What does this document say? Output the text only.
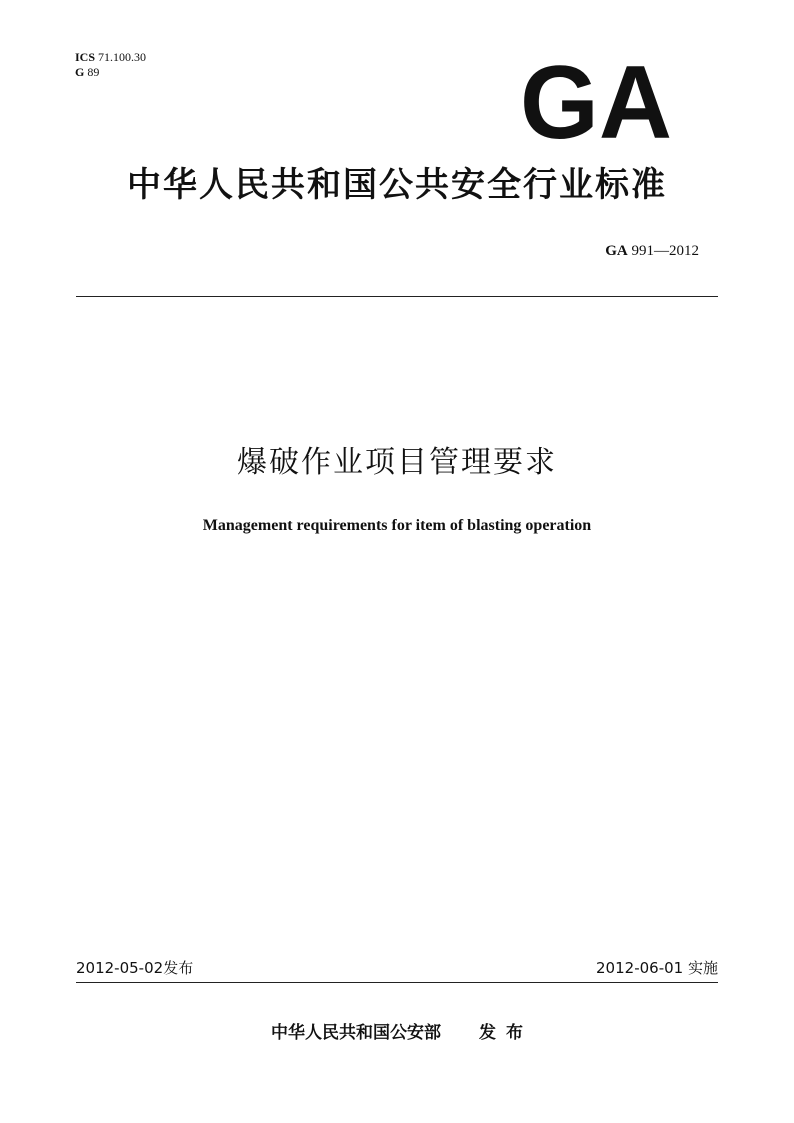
ICS 71.100.30
G 89	GA
中华人民共和国公共安全行业标准
GA 991—2012
爆破作业项目管理要求
Management requirements for item of blasting operation
2012-05-02发布	2012-06-01 实施
中华人民共和国公安部 发 布
